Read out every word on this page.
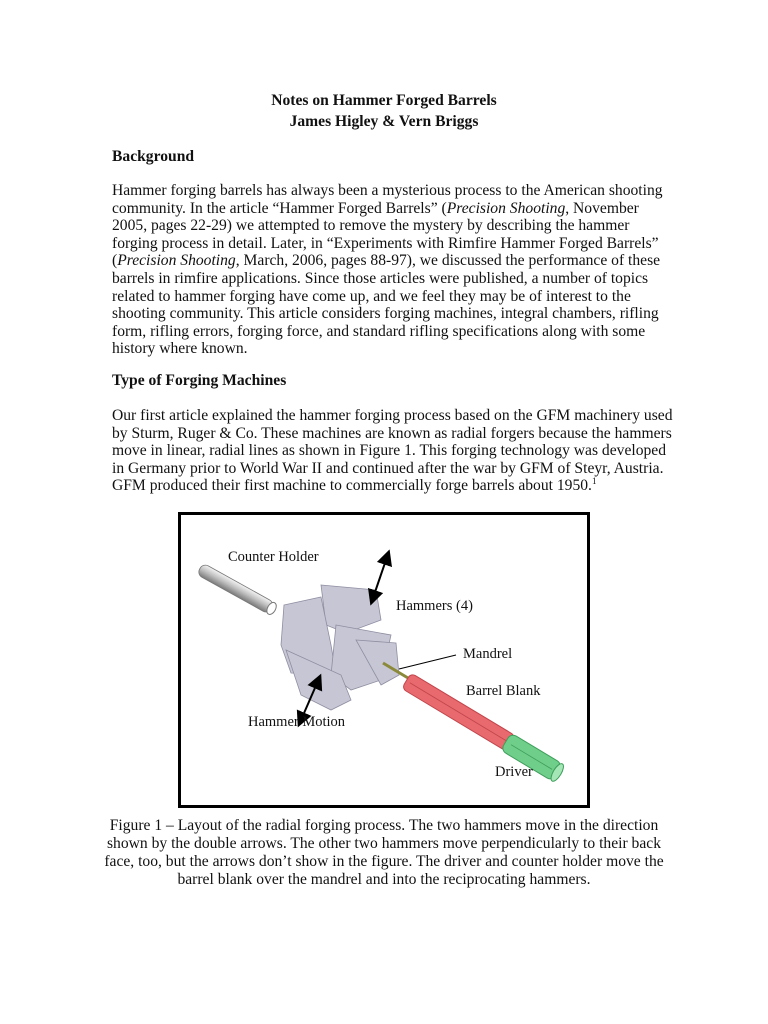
Notes on Hammer Forged Barrels
James Higley & Vern Briggs
Background
Hammer forging barrels has always been a mysterious process to the American shooting
community. In the article “Hammer Forged Barrels” (Precision Shooting, November
2005, pages 22-29) we attempted to remove the mystery by describing the hammer
forging process in detail. Later, in “Experiments with Rimfire Hammer Forged Barrels”
(Precision Shooting, March, 2006, pages 88-97), we discussed the performance of these
barrels in rimfire applications. Since those articles were published, a number of topics
related to hammer forging have come up, and we feel they may be of interest to the
shooting community. This article considers forging machines, integral chambers, rifling
form, rifling errors, forging force, and standard rifling specifications along with some
history where known.
Type of Forging Machines
Our first article explained the hammer forging process based on the GFM machinery used
by Sturm, Ruger & Co. These machines are known as radial forgers because the hammers
move in linear, radial lines as shown in Figure 1. This forging technology was developed
in Germany prior to World War II and continued after the war by GFM of Steyr, Austria.
GFM produced their first machine to commercially forge barrels about 1950.$^1$
Counter Holder
Hammers (4)
Mandrel
Barrel Blank
Hammer Motion
Driver
Figure 1 – Layout of the radial forging process. The two hammers move in the direction
shown by the double arrows. The other two hammers move perpendicularly to their back
face, too, but the arrows don’t show in the figure. The driver and counter holder move the
barrel blank over the mandrel and into the reciprocating hammers.
